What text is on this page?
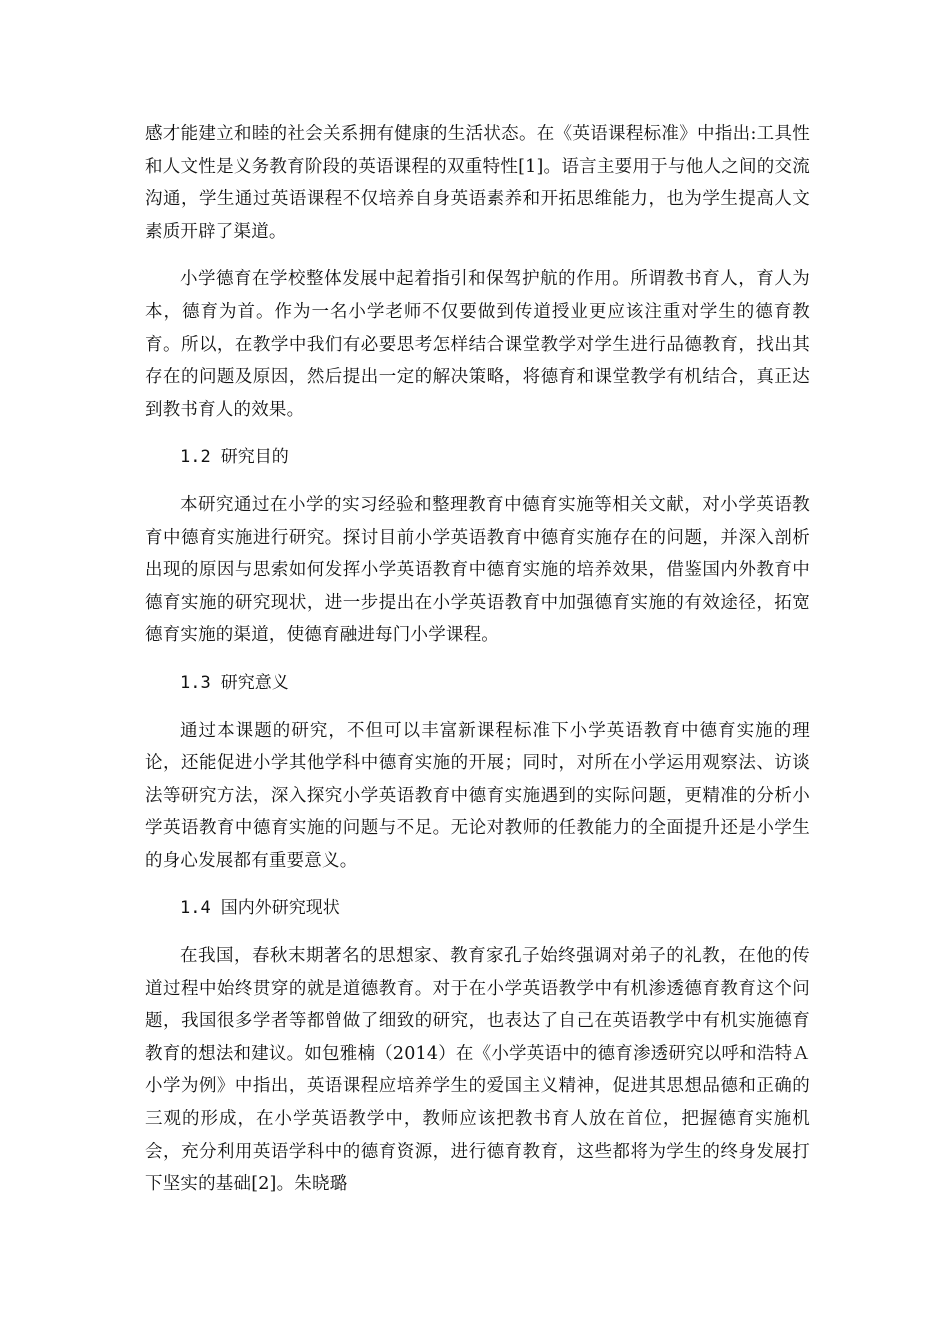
感才能建立和睦的社会关系拥有健康的生活状态。在《英语课程标准》中指出:工具性和人文性是义务教育阶段的英语课程的双重特性[1]。语言主要用于与他人之间的交流沟通，学生通过英语课程不仅培养自身英语素养和开拓思维能力，也为学生提高人文素质开辟了渠道。

小学德育在学校整体发展中起着指引和保驾护航的作用。所谓教书育人，育人为本，德育为首。作为一名小学老师不仅要做到传道授业更应该注重对学生的德育教育。所以，在教学中我们有必要思考怎样结合课堂教学对学生进行品德教育，找出其存在的问题及原因，然后提出一定的解决策略，将德育和课堂教学有机结合，真正达到教书育人的效果。

1.2 研究目的

本研究通过在小学的实习经验和整理教育中德育实施等相关文献，对小学英语教育中德育实施进行研究。探讨目前小学英语教育中德育实施存在的问题，并深入剖析出现的原因与思索如何发挥小学英语教育中德育实施的培养效果，借鉴国内外教育中德育实施的研究现状，进一步提出在小学英语教育中加强德育实施的有效途径，拓宽德育实施的渠道，使德育融进每门小学课程。

1.3 研究意义

通过本课题的研究，不但可以丰富新课程标准下小学英语教育中德育实施的理论，还能促进小学其他学科中德育实施的开展；同时，对所在小学运用观察法、访谈法等研究方法，深入探究小学英语教育中德育实施遇到的实际问题，更精准的分析小学英语教育中德育实施的问题与不足。无论对教师的任教能力的全面提升还是小学生的身心发展都有重要意义。

1.4 国内外研究现状

在我国，春秋末期著名的思想家、教育家孔子始终强调对弟子的礼教，在他的传道过程中始终贯穿的就是道德教育。对于在小学英语教学中有机渗透德育教育这个问题，我国很多学者等都曾做了细致的研究，也表达了自己在英语教学中有机实施德育教育的想法和建议。如包雅楠（2014）在《小学英语中的德育渗透研究以呼和浩特Ａ小学为例》中指出，英语课程应培养学生的爱国主义精神，促进其思想品德和正确的三观的形成，在小学英语教学中，教师应该把教书育人放在首位，把握德育实施机会，充分利用英语学科中的德育资源，进行德育教育，这些都将为学生的终身发展打下坚实的基础[2]。朱晓璐
